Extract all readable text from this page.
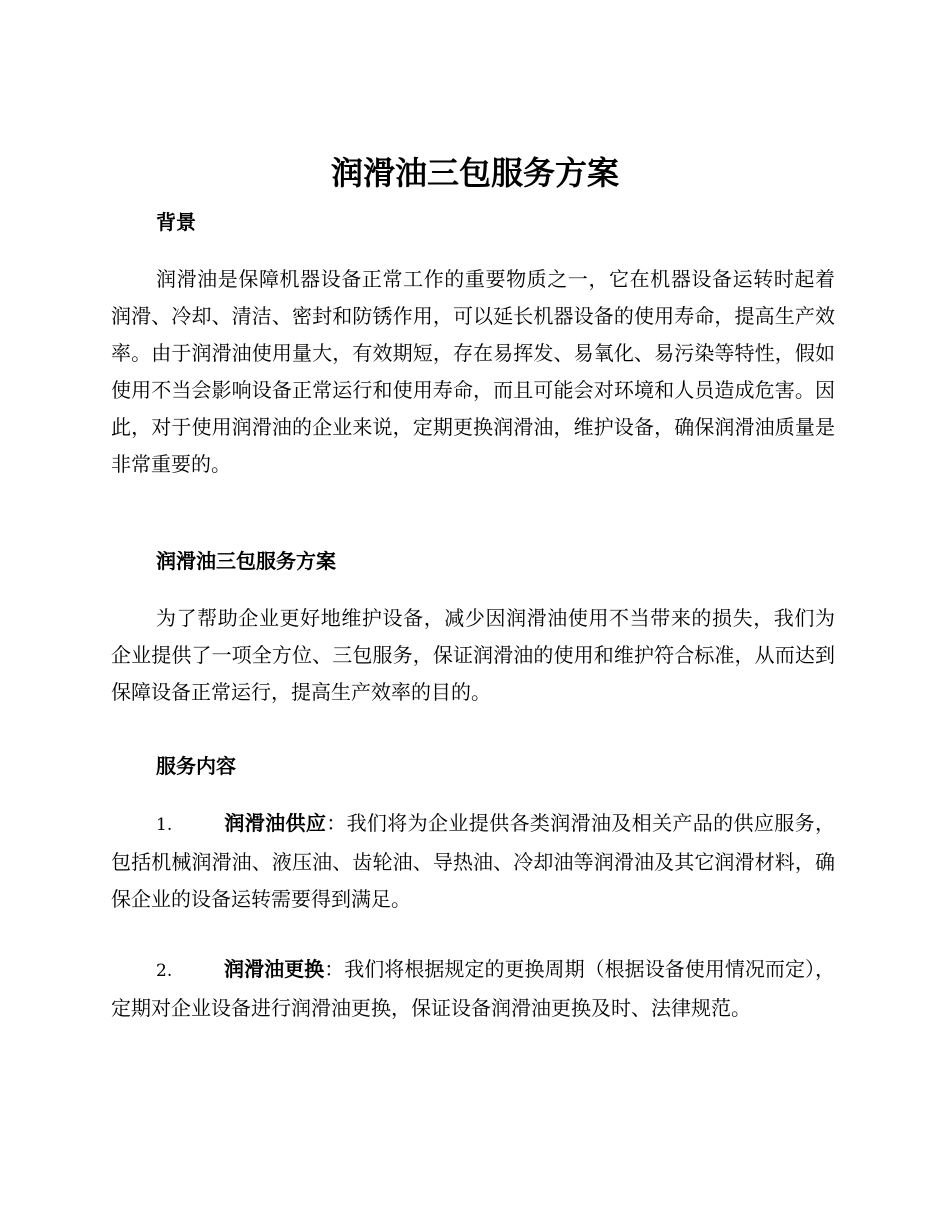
润滑油三包服务方案
背景

润滑油是保障机器设备正常工作的重要物质之一，它在机器设备运转时起着润滑、冷却、清洁、密封和防锈作用，可以延长机器设备的使用寿命，提高生产效率。由于润滑油使用量大，有效期短，存在易挥发、易氧化、易污染等特性，假如使用不当会影响设备正常运行和使用寿命，而且可能会对环境和人员造成危害。因此，对于使用润滑油的企业来说，定期更换润滑油，维护设备，确保润滑油质量是非常重要的。

润滑油三包服务方案

为了帮助企业更好地维护设备，减少因润滑油使用不当带来的损失，我们为企业提供了一项全方位、三包服务，保证润滑油的使用和维护符合标准，从而达到保障设备正常运行，提高生产效率的目的。

服务内容

1.	润滑油供应：我们将为企业提供各类润滑油及相关产品的供应服务，包括机械润滑油、液压油、齿轮油、导热油、冷却油等润滑油及其它润滑材料，确保企业的设备运转需要得到满足。

2.	润滑油更换：我们将根据规定的更换周期（根据设备使用情况而定），定期对企业设备进行润滑油更换，保证设备润滑油更换及时、法律规范。
